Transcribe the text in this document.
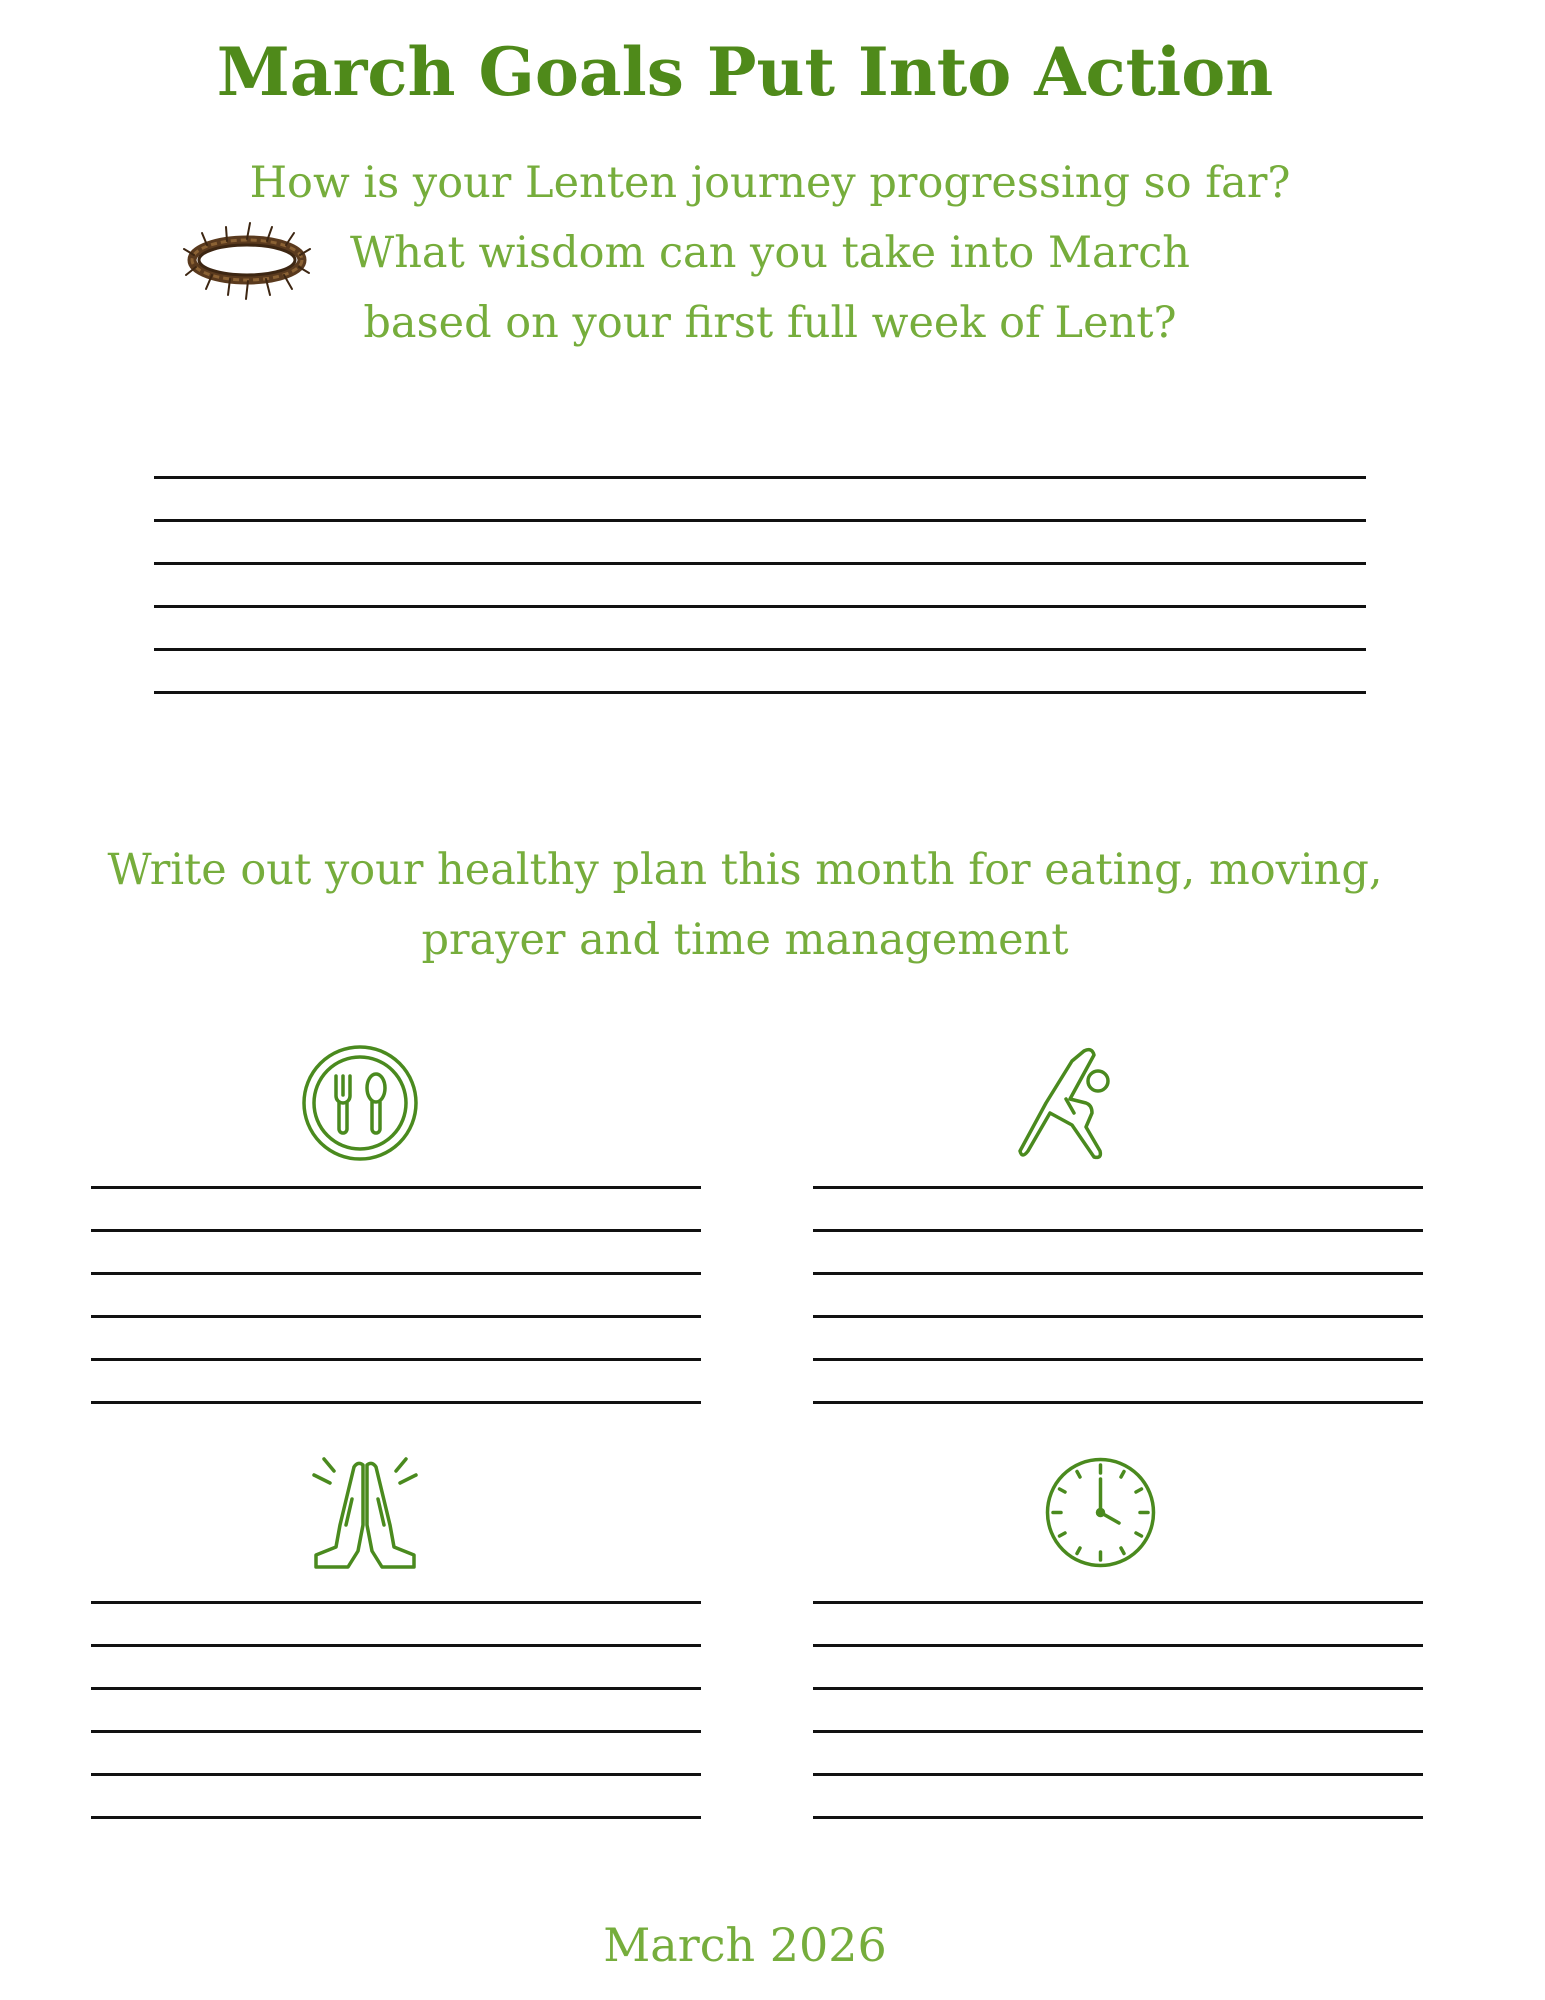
March Goals Put Into Action
How is your Lenten journey progressing so far?
What wisdom can you take into March
based on your first full week of Lent?
Write out your healthy plan this month for eating, moving,
prayer and time management
March 2026
